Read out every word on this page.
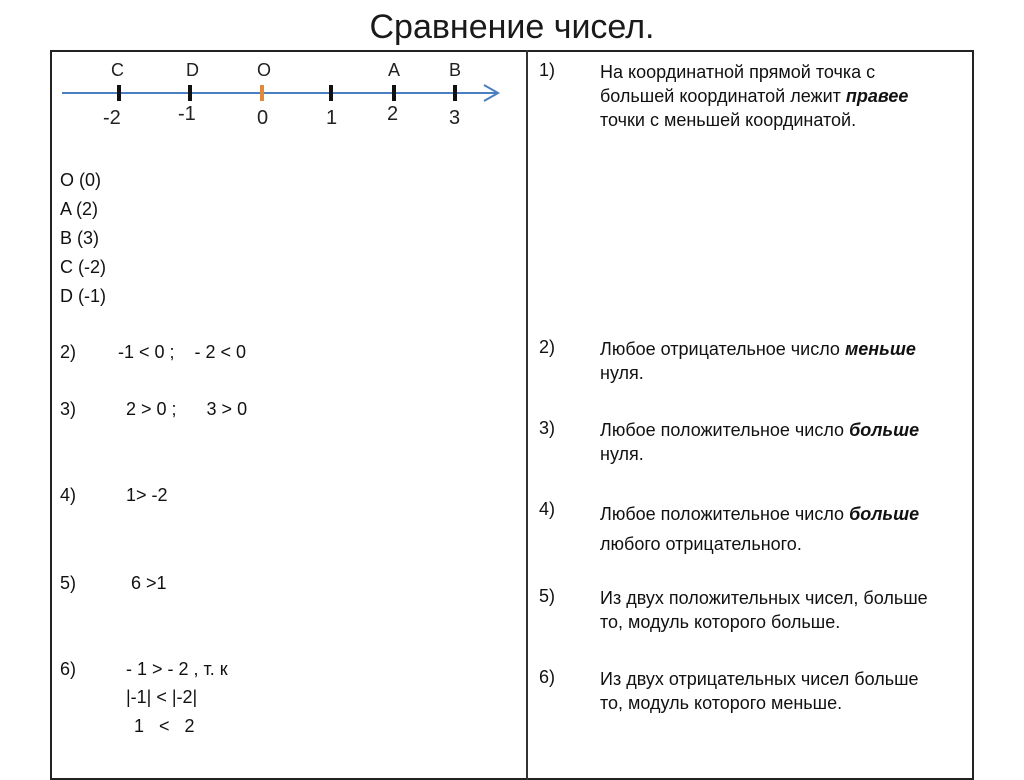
Сравнение чисел.
C	D	O	A	B
-2	-1	0	1 2	3
O (0)
A (2)
B (3)
C (-2)
D (-1)
2) -1 < 0 ;    - 2 < 0
3)	2 > 0 ;      3 > 0
4)	1> -2
5)	6 >1
6)	- 1 > - 2 , т. к
|-1| < |-2|
1   <   2
1) На координатной прямой точка с
большей координатой лежит правее
точки с меньшей координатой.
2) Любое отрицательное число меньше
нуля.
3) Любое положительное число больше
нуля.
4) Любое положительное число больше
любого отрицательного.
5) Из двух положительных чисел, больше
то, модуль которого больше.
6) Из двух отрицательных чисел больше
то, модуль которого меньше.
